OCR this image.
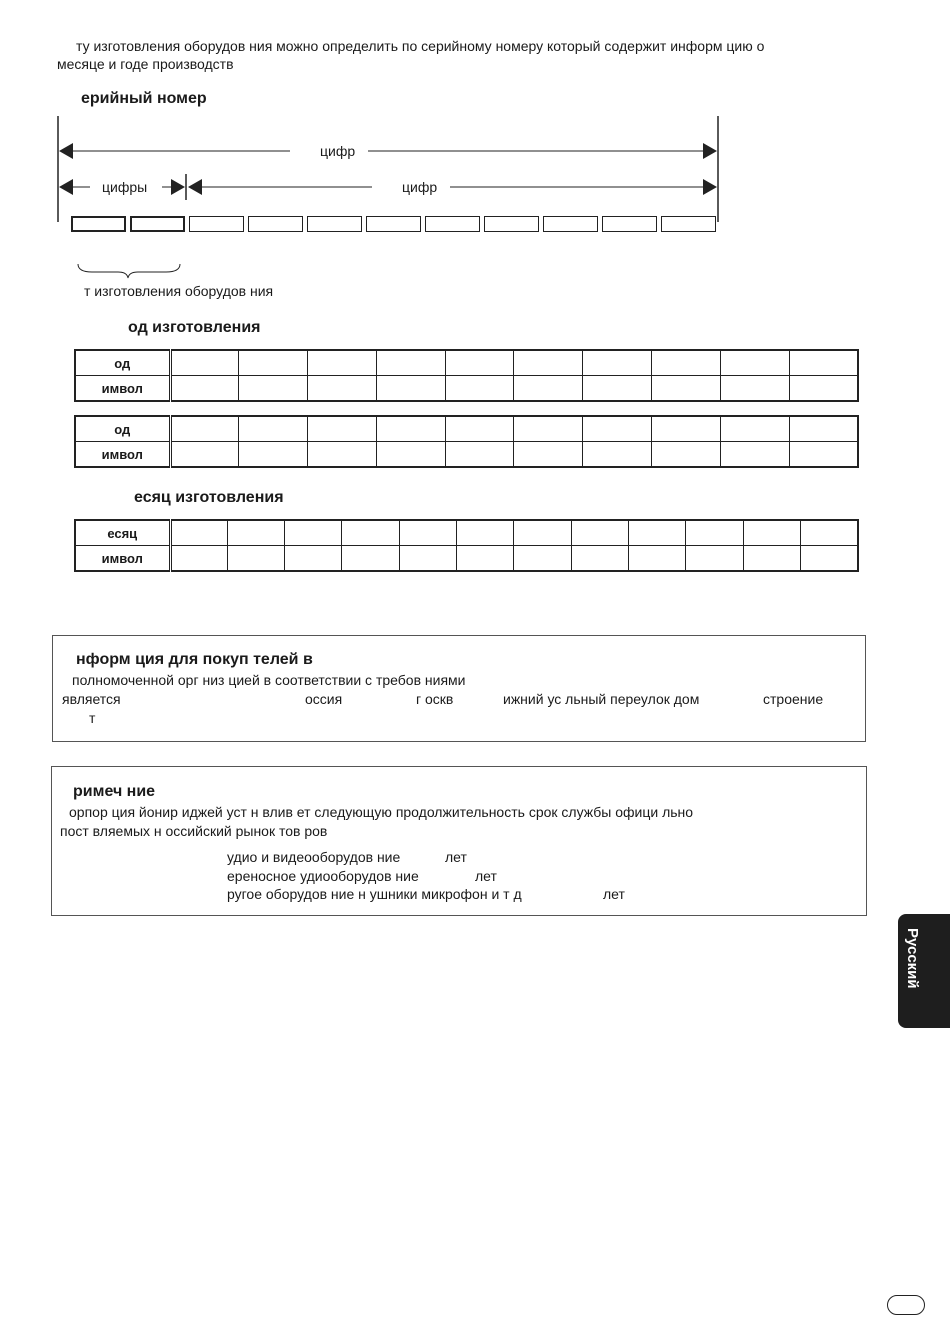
ту изготовления оборудов ния можно определить по серийному номеру который содержит информ цию о
месяце и годе производств
ерийный номер
цифр
цифры	цифр
т изготовления оборудов ния
од изготовления
од										
имвол										
од										
имвол										
есяц изготовления
есяц												
имвол												
нформ ция для покуп телей в
полномоченной орг низ цией в соответствии с требов ниями
является	оссия	г оскв	ижний ус льный переулок дом	строение
т
римеч ние
орпор ция йонир иджей уст н влив ет следующую продолжительность срок службы офици льно
пост вляемых н оссийский рынок тов ров
удио и видеооборудов ние	лет
ереносное удиооборудов ние	лет
ругое оборудов ние н ушники микрофон и т д	лет
Русский
